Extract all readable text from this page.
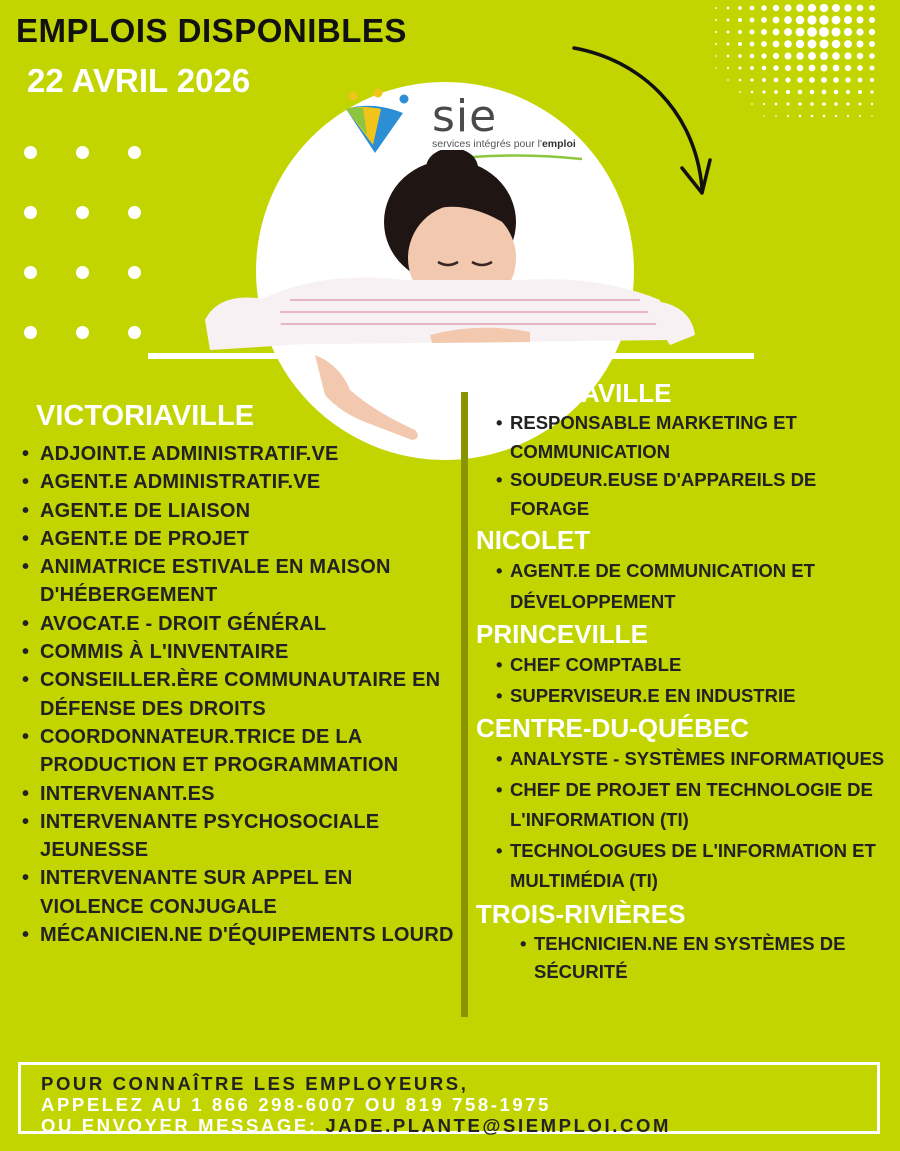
sie
services intégrés pour l'emploi
EMPLOIS DISPONIBLES
22 AVRIL 2026
VICTORIAVILLE
• ADJOINT.E ADMINISTRATIF.VE
• AGENT.E ADMINISTRATIF.VE
• AGENT.E DE LIAISON
• AGENT.E DE PROJET
• ANIMATRICE ESTIVALE EN MAISON D'HÉBERGEMENT
• AVOCAT.E - DROIT GÉNÉRAL
• COMMIS À L'INVENTAIRE
• CONSEILLER.ÈRE COMMUNAUTAIRE EN DÉFENSE DES DROITS
• COORDONNATEUR.TRICE DE LA PRODUCTION ET PROGRAMMATION
• INTERVENANT.ES
• INTERVENANTE PSYCHOSOCIALE JEUNESSE
• INTERVENANTE SUR APPEL EN VIOLENCE CONJUGALE
• MÉCANICIEN.NE D'ÉQUIPEMENTS LOURD
VICTORIAVILLE
• RESPONSABLE MARKETING ET COMMUNICATION
• SOUDEUR.EUSE D'APPAREILS DE FORAGE
NICOLET
• AGENT.E DE COMMUNICATION ET DÉVELOPPEMENT
PRINCEVILLE
• CHEF COMPTABLE
• SUPERVISEUR.E EN INDUSTRIE
CENTRE-DU-QUÉBEC
• ANALYSTE - SYSTÈMES INFORMATIQUES
• CHEF DE PROJET EN TECHNOLOGIE DE L'INFORMATION (TI)
• TECHNOLOGUES DE L'INFORMATION ET MULTIMÉDIA (TI)
TROIS-RIVIÈRES
• TEHCNICIEN.NE EN SYSTÈMES DE SÉCURITÉ
POUR CONNAÎTRE LES EMPLOYEURS,
APPELEZ AU 1 866 298-6007 OU 819 758-1975
OU ENVOYER MESSAGE: JADE.PLANTE@SIEMPLOI.COM
